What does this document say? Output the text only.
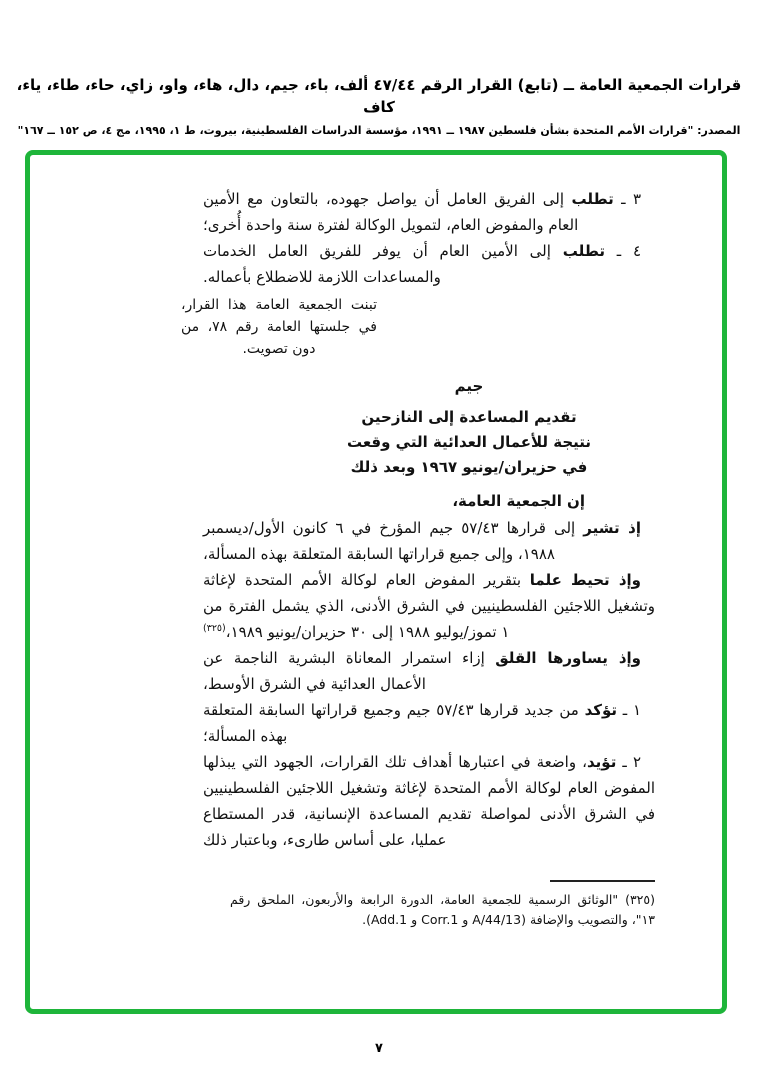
قرارات الجمعية العامة ــ (تابع) القرار الرقم ٤٧/٤٤ ألف، باء، جيم، دال، هاء، واو، زاي، حاء، طاء، ياء، كاف
المصدر: "قرارات الأمم المتحدة بشأن فلسطين ١٩٨٧ ــ ١٩٩١، مؤسسة الدراسات الفلسطينية، بيروت، ط ١، ١٩٩٥، مج ٤، ص ١٥٢ ــ ١٦٧"

٣ ـ تطلب إلى الفريق العامل أن يواصل جهوده، بالتعاون مع الأمين العام والمفوض العام، لتمويل الوكالة لفترة سنة واحدة أُخرى؛

٤ ـ تطلب إلى الأمين العام أن يوفر للفريق العامل الخدمات والمساعدات اللازمة للاضطلاع بأعماله.

تبنت الجمعية العامة هذا القرار، في جلستها العامة رقم ٧٨، من دون تصويت.

جيم
تقديم المساعدة إلى النازحين
نتيجة للأعمال العدائية التي وقعت
في حزيران/يونيو ١٩٦٧ وبعد ذلك

إن الجمعية العامة،

إذ تشير إلى قرارها ٥٧/٤٣ جيم المؤرخ في ٦ كانون الأول/ديسمبر ١٩٨٨، وإلى جميع قراراتها السابقة المتعلقة بهذه المسألة،

وإذ تحيط علما بتقرير المفوض العام لوكالة الأمم المتحدة لإغاثة وتشغيل اللاجئين الفلسطينيين في الشرق الأدنى، الذي يشمل الفترة من ١ تموز/يوليو ١٩٨٨ إلى ٣٠ حزيران/يونيو ١٩٨٩،$^{(٣٢٥)}$

وإذ يساورها القلق إزاء استمرار المعاناة البشرية الناجمة عن الأعمال العدائية في الشرق الأوسط،

١ ـ تؤكد من جديد قرارها ٥٧/٤٣ جيم وجميع قراراتها السابقة المتعلقة بهذه المسألة؛

٢ ـ تؤيد، واضعة في اعتبارها أهداف تلك القرارات، الجهود التي يبذلها المفوض العام لوكالة الأمم المتحدة لإغاثة وتشغيل اللاجئين الفلسطينيين في الشرق الأدنى لمواصلة تقديم المساعدة الإنسانية، قدر المستطاع عمليا، على أساس طارىء، وباعتبار ذلك

(٣٢٥) "الوثائق الرسمية للجمعية العامة، الدورة الرابعة والأربعون، الملحق رقم ١٣"، والتصويب والإضافة (A/44/13 و Corr.1 و Add.1).

٧
